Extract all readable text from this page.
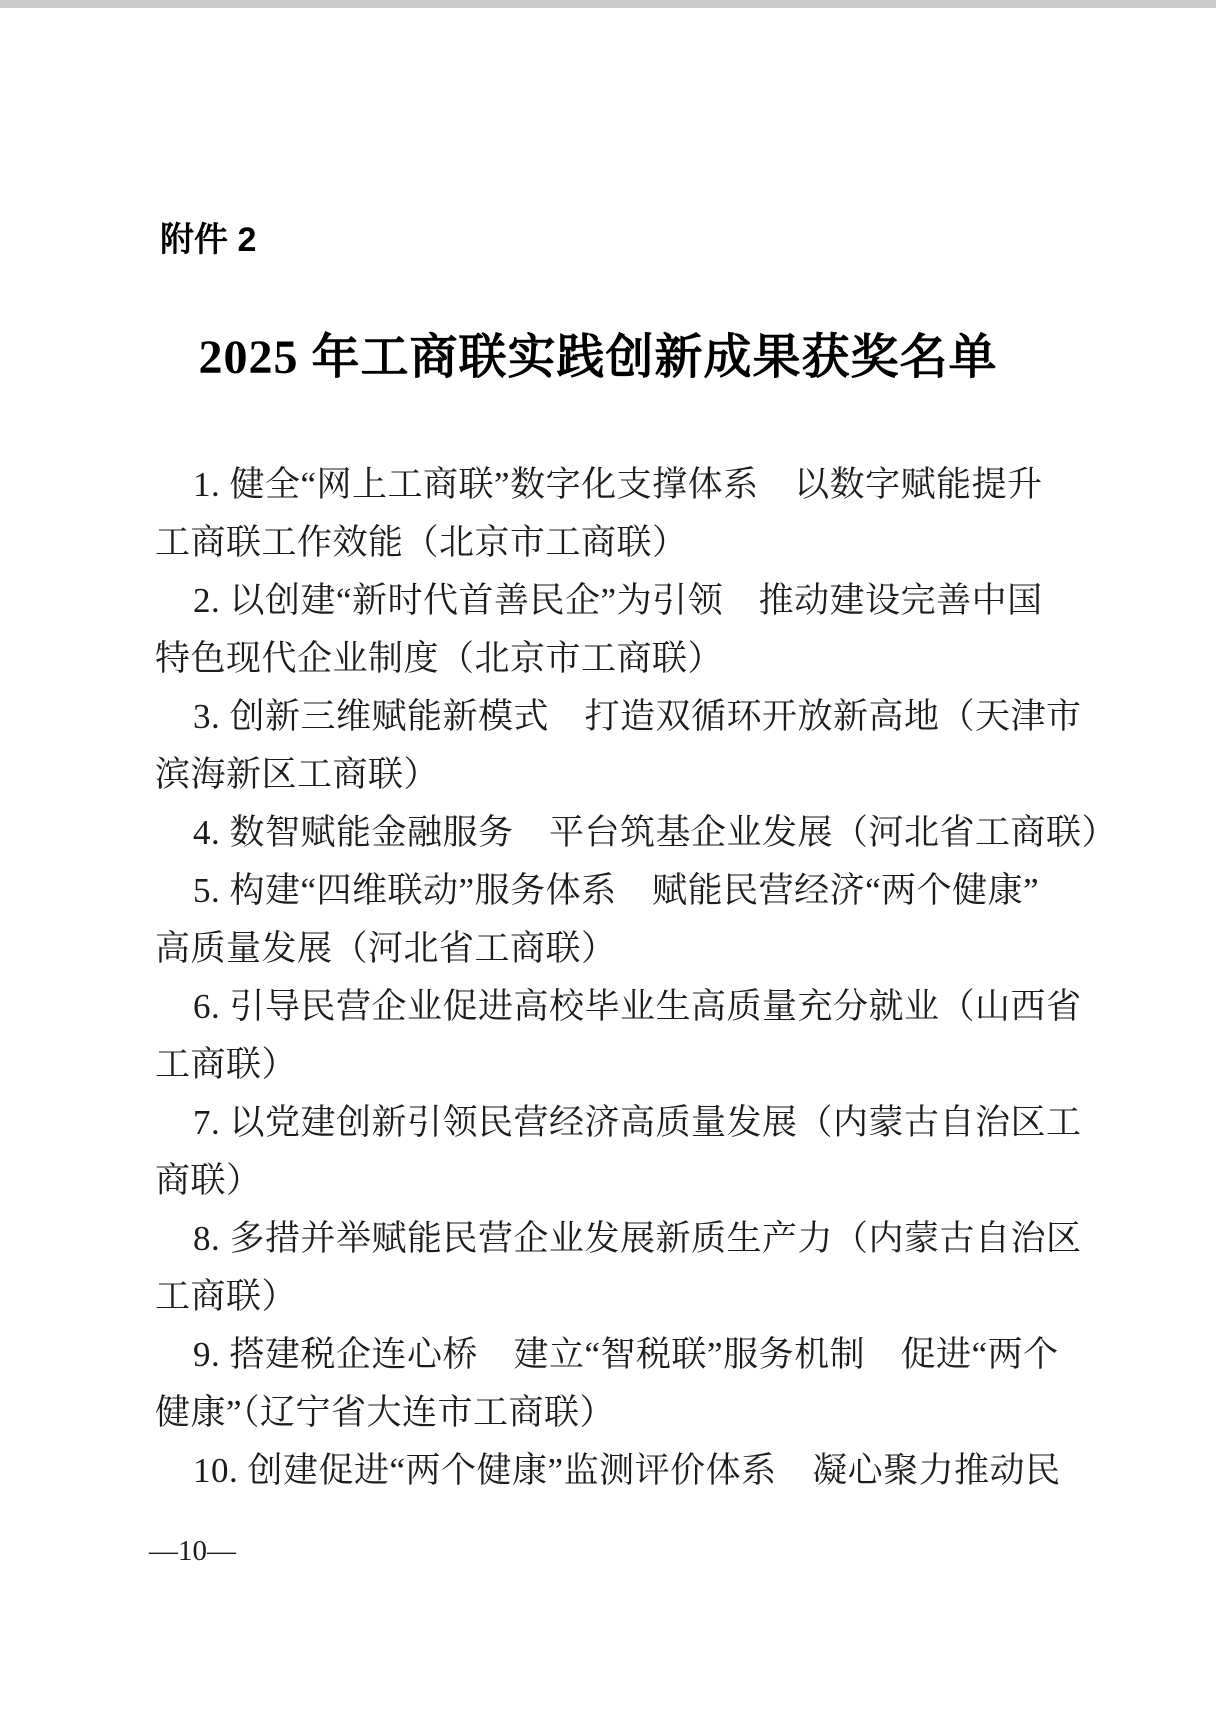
附件 2
2025 年工商联实践创新成果获奖名单
1. 健全“网上工商联”数字化支撑体系　以数字赋能提升
工商联工作效能（北京市工商联）
2. 以创建“新时代首善民企”为引领　推动建设完善中国
特色现代企业制度（北京市工商联）
3. 创新三维赋能新模式　打造双循环开放新高地（天津市
滨海新区工商联）
4. 数智赋能金融服务　平台筑基企业发展（河北省工商联）
5. 构建“四维联动”服务体系　赋能民营经济“两个健康”
高质量发展（河北省工商联）
6. 引导民营企业促进高校毕业生高质量充分就业（山西省
工商联）
7. 以党建创新引领民营经济高质量发展（内蒙古自治区工
商联）
8. 多措并举赋能民营企业发展新质生产力（内蒙古自治区
工商联）
9. 搭建税企连心桥　建立“智税联”服务机制　促进“两个
健康”（辽宁省大连市工商联）
10. 创建促进“两个健康”监测评价体系　凝心聚力推动民
—10—
